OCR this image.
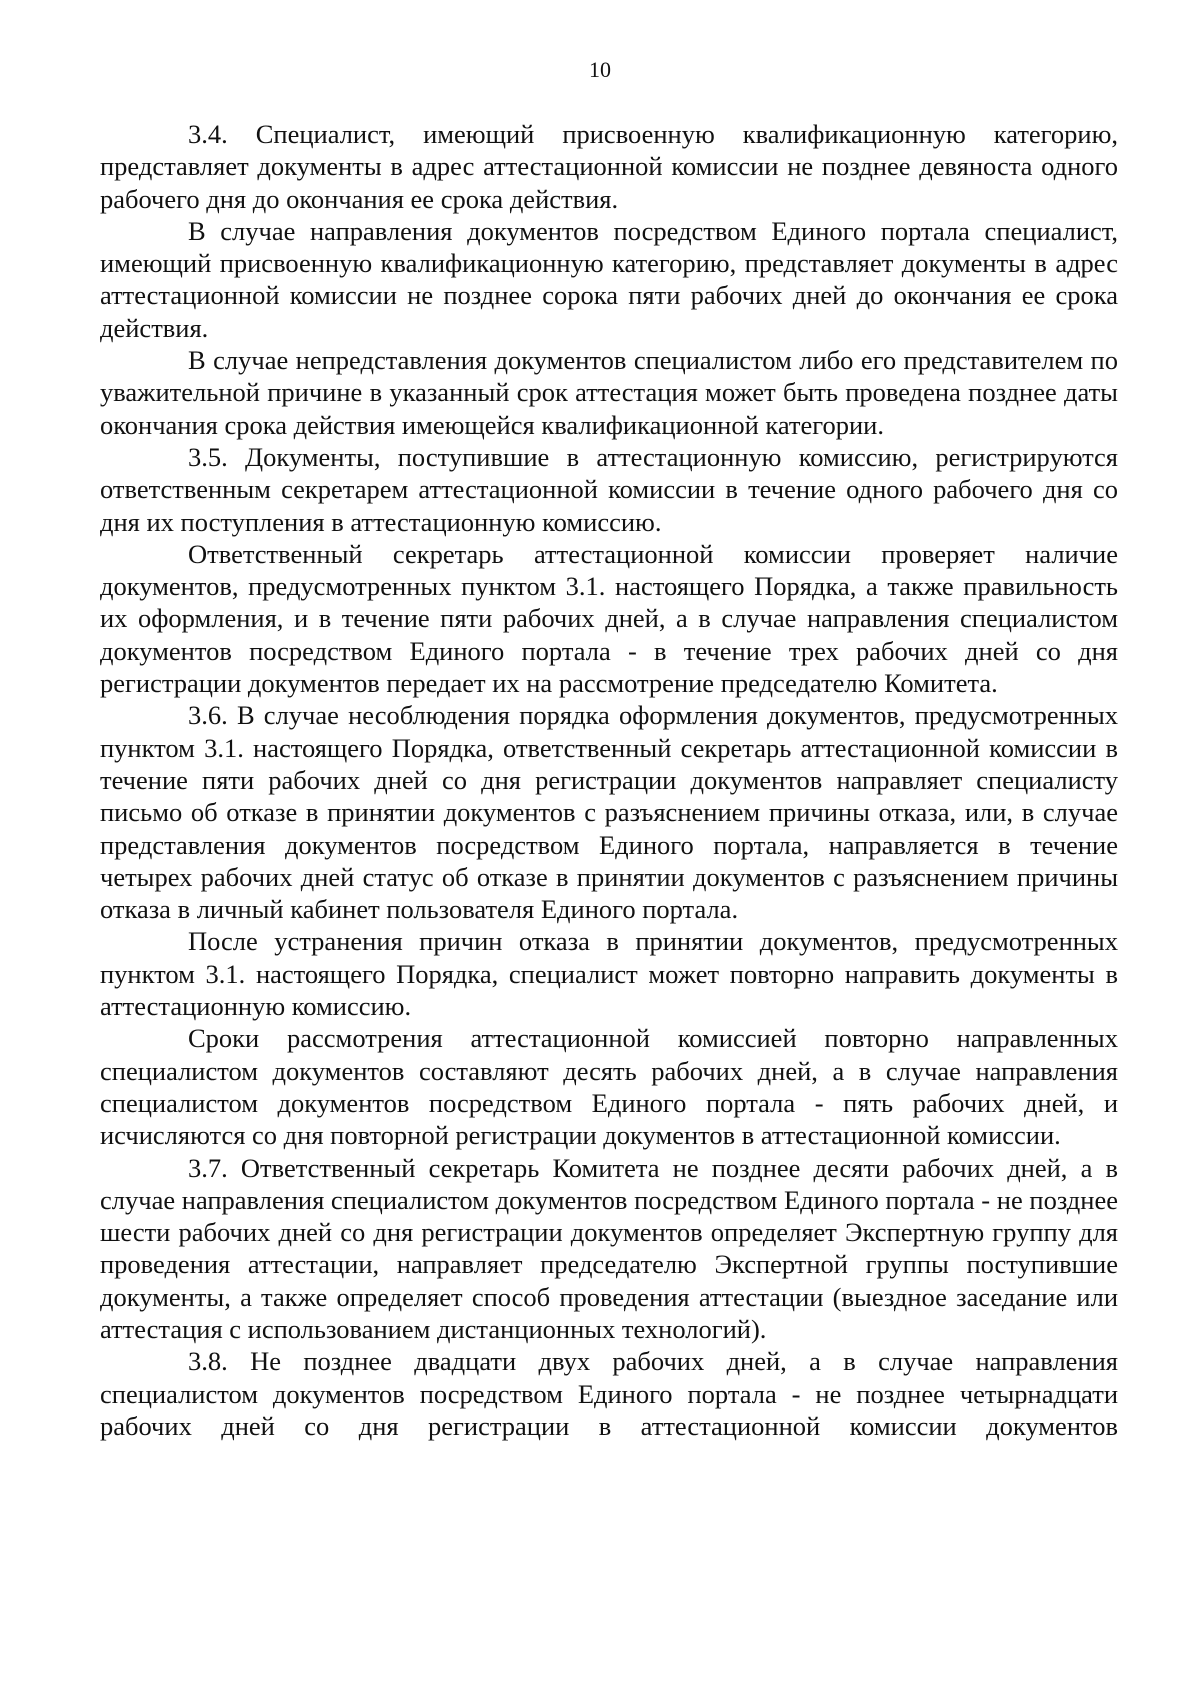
10

3.4. Специалист, имеющий присвоенную квалификационную категорию, представляет документы в адрес аттестационной комиссии не позднее девяноста одного рабочего дня до окончания ее срока действия.

В случае направления документов посредством Единого портала специалист, имеющий присвоенную квалификационную категорию, представляет документы в адрес аттестационной комиссии не позднее сорока пяти рабочих дней до окончания ее срока действия.

В случае непредставления документов специалистом либо его представителем по уважительной причине в указанный срок аттестация может быть проведена позднее даты окончания срока действия имеющейся квалификационной категории.

3.5. Документы, поступившие в аттестационную комиссию, регистрируются ответственным секретарем аттестационной комиссии в течение одного рабочего дня со дня их поступления в аттестационную комиссию.

Ответственный секретарь аттестационной комиссии проверяет наличие документов, предусмотренных пунктом 3.1. настоящего Порядка, а также правильность их оформления, и в течение пяти рабочих дней, а в случае направления специалистом документов посредством Единого портала - в течение трех рабочих дней со дня регистрации документов передает их на рассмотрение председателю Комитета.

3.6. В случае несоблюдения порядка оформления документов, предусмотренных пунктом 3.1. настоящего Порядка, ответственный секретарь аттестационной комиссии в течение пяти рабочих дней со дня регистрации документов направляет специалисту письмо об отказе в принятии документов с разъяснением причины отказа, или, в случае представления документов посредством Единого портала, направляется в течение четырех рабочих дней статус об отказе в принятии документов с разъяснением причины отказа в личный кабинет пользователя Единого портала.

После устранения причин отказа в принятии документов, предусмотренных пунктом 3.1. настоящего Порядка, специалист может повторно направить документы в аттестационную комиссию.

Сроки рассмотрения аттестационной комиссией повторно направленных специалистом документов составляют десять рабочих дней, а в случае направления специалистом документов посредством Единого портала - пять рабочих дней, и исчисляются со дня повторной регистрации документов в аттестационной комиссии.

3.7. Ответственный секретарь Комитета не позднее десяти рабочих дней, а в случае направления специалистом документов посредством Единого портала - не позднее шести рабочих дней со дня регистрации документов определяет Экспертную группу для проведения аттестации, направляет председателю Экспертной группы поступившие документы, а также определяет способ проведения аттестации (выездное заседание или аттестация с использованием дистанционных технологий).

3.8. Не позднее двадцати двух рабочих дней, а в случае направления специалистом документов посредством Единого портала - не позднее четырнадцати рабочих дней со дня регистрации в аттестационной комиссии документов
